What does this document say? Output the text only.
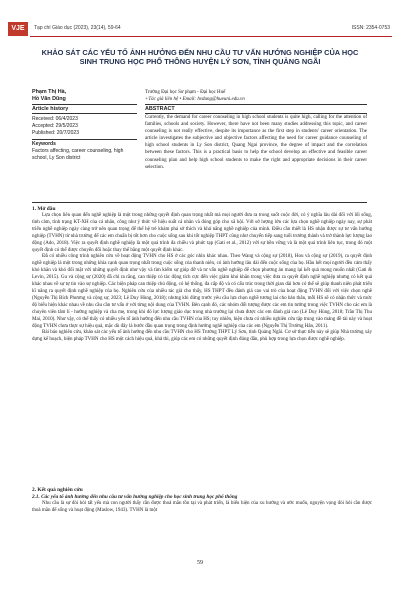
VJE	Tạp chí Giáo dục (2023), 23(14), 59-64	ISSN: 2354-0753
KHẢO SÁT CÁC YẾU TỐ ẢNH HƯỞNG ĐẾN NHU CẦU TƯ VẤN HƯỚNG NGHIỆP CỦA HỌC SINH TRUNG HỌC PHỔ THÔNG HUYỆN LÝ SƠN, TỈNH QUẢNG NGÃI
Phạm Thị Hà,
Hồ Văn Dũng
Trường Đại học Sư phạm - Đại học Huế
+Tác giả liên hệ • Email: hvdung@hueuni.edu.vn
Article history	ABSTRACT
Received: 06/4/2023
Accepted: 29/5/2023
Published: 20/7/2023
Keywords
Factors affecting, career counseling, high school, Ly Son district
Currently, the demand for career counseling in high school students is quite high, calling for the attention of families, schools and society. However, there have not been many studies addressing this topic, and career counseling is not really effective, despite its importance as the first step in students' career orientation. The article investigates the subjective and objective factors affecting the need for career guidance counseling of high school students in Ly Son district, Quang Ngai province, the degree of impact and the correlation between these factors. This is a practical basis to help the school develop an effective and feasible career counseling plan and help high school students to make the right and appropriate decisions in their career selection.
1. Mở đầu

Lựa chọn liên quan đến nghề nghiệp là một trong những quyết định quan trọng nhất mà mọi người đưa ra trong suốt cuộc đời, có ý nghĩa lâu dài đối với lối sống, tình cảm, tình trạng KT-XH của cá nhân, công như ý thức về hiệu suất cá nhân và đóng góp cho xã hội. Với sở lượng lớn các lựa chọn nghề nghiệp ngày nay, sự phát triển nghề nghiệp ngày càng trở nên quan trọng để thế hệ trẻ khám phá sở thích và khả năng nghề nghiệp của mình. Điều cần thiết là HS nhận được sự tư vấn hướng nghiệp (TVHN) từ nhà trường để các em chuẩn bị tốt hơn cho cuộc sống sau khi tốt nghiệp THPT cũng như chuyển tiếp sang tuổi trưởng thành và trở thành lực lượng lao động (Ado, 2018). Việc ra quyết định nghề nghiệp là một quá trình đa chiều và phức tạp (Gati et al., 2012) với sự bền vững và là một quá trình liên tục, trong đó một quyết định có thể được chuyển đổi hoặc thay thế bằng một quyết định khác.

Đã có nhiều công trình nghiên cứu về hoạt động TVHN cho HS ở các góc nhìn khác nhau. Theo Wang và cộng sự (2018), Hou và cộng sự (2019), ra quyết định nghề nghiệp là một trong những khía cạnh quan trọng nhất trong cuộc sống của thanh niên, có ảnh hưởng lâu dài đến cuộc sống của họ. Hầu hết mọi người đều cảm thấy khó khăn và khó đối mặt với những quyết định như vậy và tìm kiếm sự giúp đỡ và tư vấn nghề nghiệp để chọn phương án mang lại kết quả mong muốn nhất (Gati & Levin, 2015). Gu và cộng sự (2020) đã chỉ ra rằng, can thiệp có tác động tích cực đến việc giảm khó khăn trong việc đưa ra quyết định nghề nghiệp nhưng có kết quả khác nhau về sự tự tin vào sự nghiệp. Các biện pháp can thiệp chủ động, có hệ thống, đa cấp độ và có cấu trúc trong thời gian dài hơn có thể sẽ giúp thanh niên phát triển kĩ năng ra quyết định nghề nghiệp của họ. Nghiên cứu của nhiều tác giả cho thấy, HS THPT đều đánh giá cao vai trò của hoạt động TVHN đối với việc chọn nghề (Nguyễn Thị Bích Phương và cộng sự, 2023; Lê Duy Hùng, 2018); nhưng khi đứng trước yêu cầu lựa chọn nghề tương lai cho bản thân, mỗi HS sẽ có nhận thức và mức độ biểu hiện khác nhau về nhu cầu cần tư vấn ở với từng nội dung của TVHN. Bên cạnh đó, các nhóm đối tượng được các em tin tưởng trong việc TVHN cho các em là chuyên viên tâm lí - hướng nghiệp và cha mẹ, trong khi đó lực lượng giáo dục trong nhà trường lại chưa được các em đánh giá cao (Lê Duy Hùng, 2018; Trần Thị Thu Mai, 2010). Như vậy, có thể thấy có nhiều yếu tố ảnh hưởng đến nhu cầu TVHN của HS; tuy nhiên, hiện chưa có nhiều nghiên cứu tập trung vào mảng đề tài này và hoạt động TVHN chưa thực sự hiệu quả, mặc dù đây là bước đầu quan trọng trong định hướng nghề nghiệp của các em (Nguyễn Thị Trường Hân, 2011).

Bài báo nghiên cứu, khảo sát các yếu tố ảnh hưởng đến nhu cầu TVHN cho HS Trường THPT Lý Sơn, tỉnh Quảng Ngãi. Cơ sở thực tiễn này sẽ giúp Nhà trường xây dựng kế hoạch, biện pháp TVHN cho HS một cách hiệu quả, khả thi, giúp các em có những quyết định đúng đắn, phù hợp trong lựa chọn được nghề nghiệp.

2. Kết quả nghiên cứu
2.1. Các yếu tố ảnh hưởng đến nhu cầu tư vấn hướng nghiệp cho học sinh trung học phổ thông

Nhu cầu là sự đòi hỏi tất yếu mà con người thấy cần được thoả mãn tồn tại và phát triển, là biểu hiện của xu hướng và ước muốn, nguyện vọng đòi hỏi cần được thoả mãn để sống và hoạt động (Maslow, 1943). TVHN là một

59
